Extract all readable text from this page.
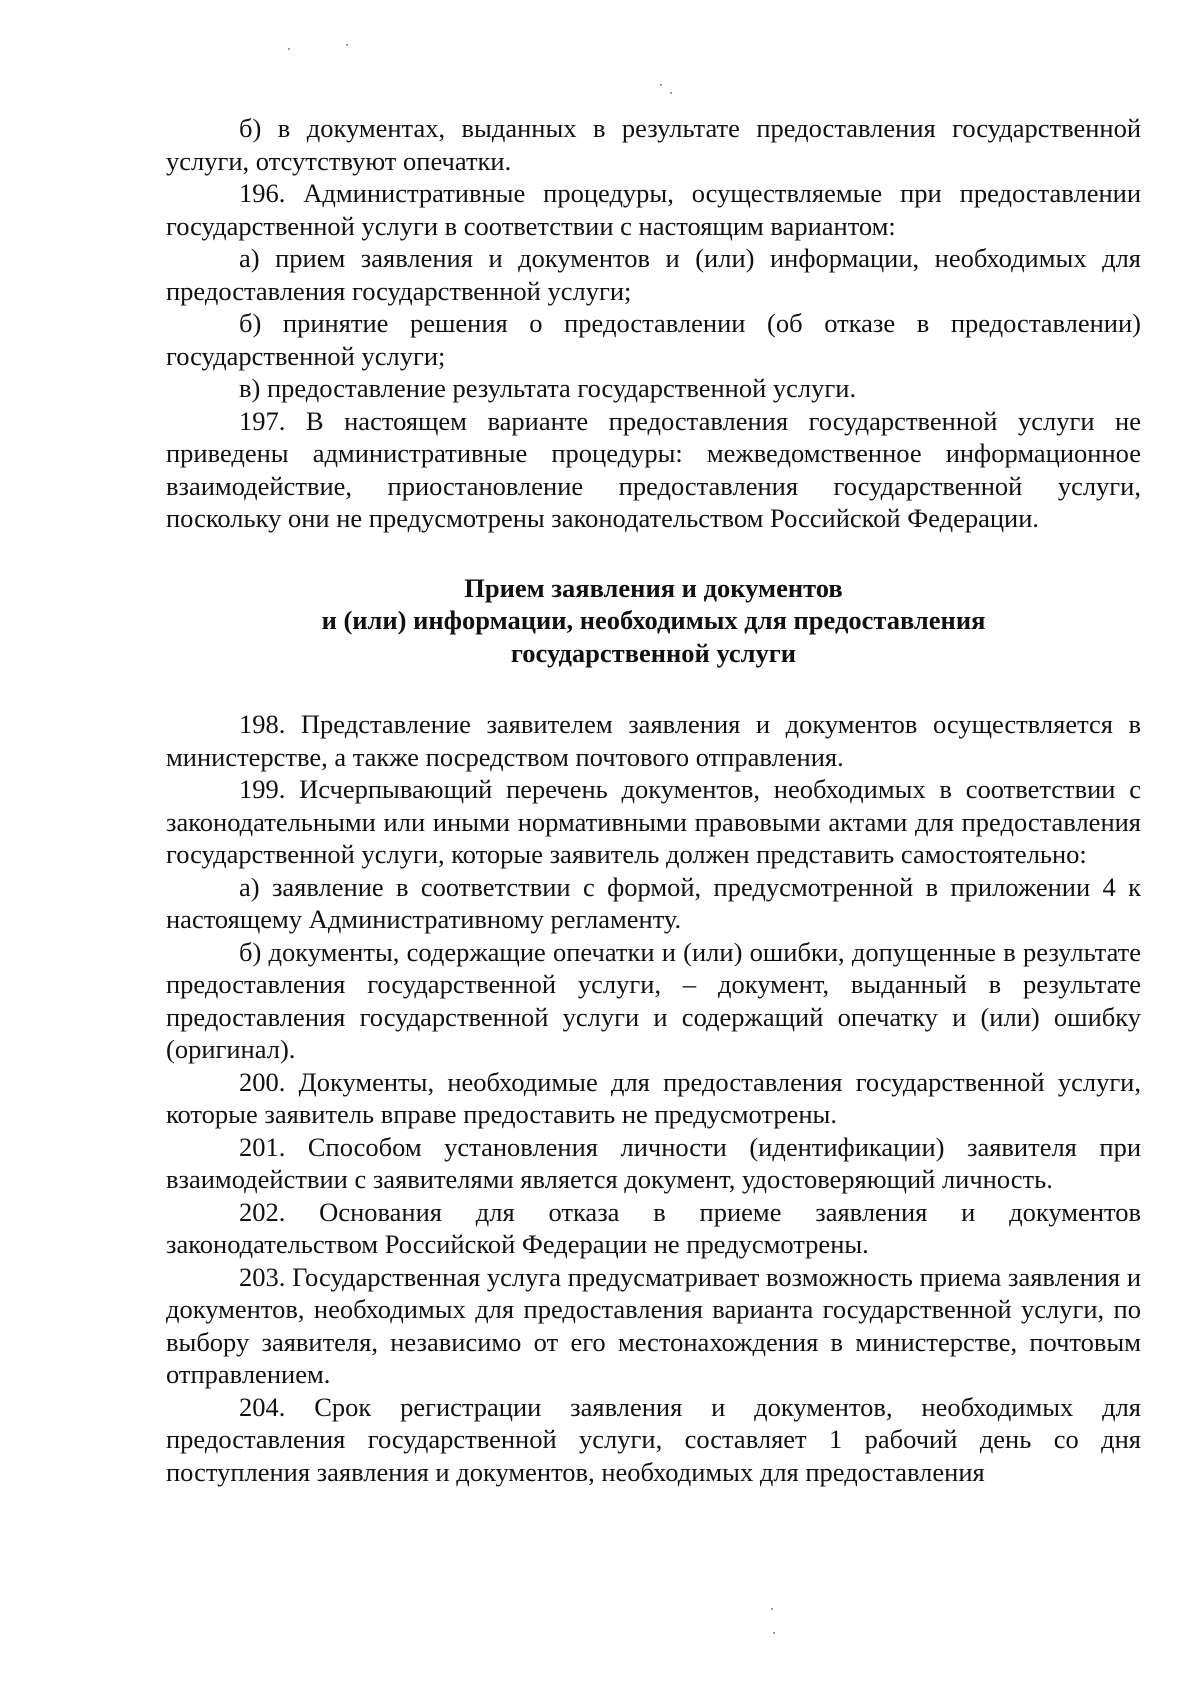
б) в документах, выданных в результате предоставления государственной услуги, отсутствуют опечатки.

196. Административные процедуры, осуществляемые при предоставлении государственной услуги в соответствии с настоящим вариантом:

а) прием заявления и документов и (или) информации, необходимых для предоставления государственной услуги;

б) принятие решения о предоставлении (об отказе в предоставлении) государственной услуги;

в) предоставление результата государственной услуги.

197. В настоящем варианте предоставления государственной услуги не приведены административные процедуры: межведомственное информационное взаимодействие, приостановление предоставления государственной услуги, поскольку они не предусмотрены законодательством Российской Федерации.

Прием заявления и документов
и (или) информации, необходимых для предоставления
государственной услуги

198. Представление заявителем заявления и документов осуществляется в министерстве, а также посредством почтового отправления.

199. Исчерпывающий перечень документов, необходимых в соответствии с законодательными или иными нормативными правовыми актами для предоставления государственной услуги, которые заявитель должен представить самостоятельно:

а) заявление в соответствии с формой, предусмотренной в приложении 4 к настоящему Административному регламенту.

б) документы, содержащие опечатки и (или) ошибки, допущенные в результате предоставления государственной услуги, – документ, выданный в результате предоставления государственной услуги и содержащий опечатку и (или) ошибку (оригинал).

200. Документы, необходимые для предоставления государственной услуги, которые заявитель вправе предоставить не предусмотрены.

201. Способом установления личности (идентификации) заявителя при взаимодействии с заявителями является документ, удостоверяющий личность.

202. Основания для отказа в приеме заявления и документов законодательством Российской Федерации не предусмотрены.

203. Государственная услуга предусматривает возможность приема заявления и документов, необходимых для предоставления варианта государственной услуги, по выбору заявителя, независимо от его местонахождения в министерстве, почтовым отправлением.

204. Срок регистрации заявления и документов, необходимых для предоставления государственной услуги, составляет 1 рабочий день со дня поступления заявления и документов, необходимых для предоставления
